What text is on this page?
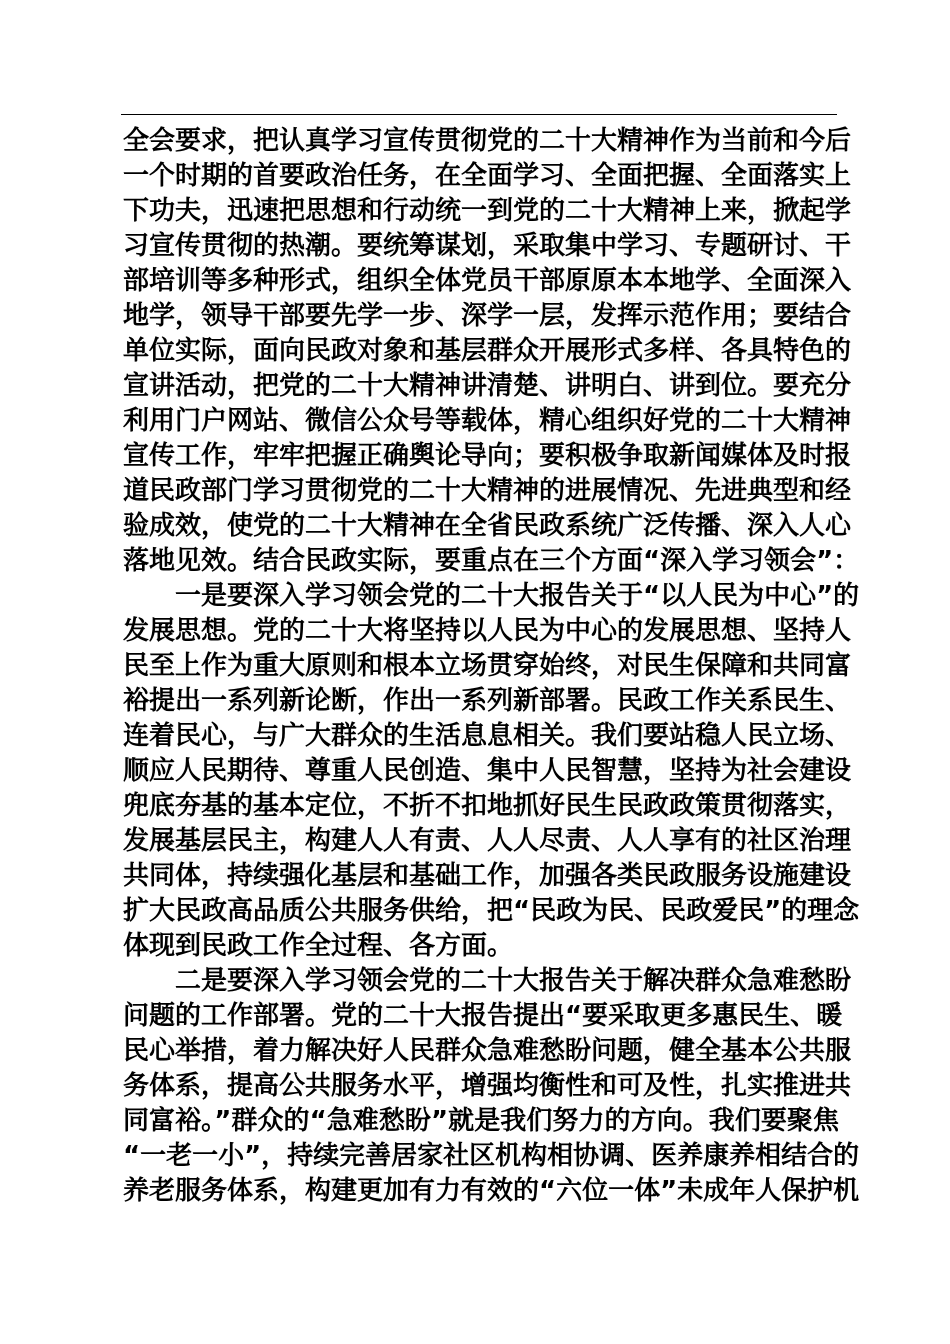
全会要求，把认真学习宣传贯彻党的二十大精神作为当前和今后
一个时期的首要政治任务，在全面学习、全面把握、全面落实上
下功夫，迅速把思想和行动统一到党的二十大精神上来，掀起学
习宣传贯彻的热潮。要统筹谋划，采取集中学习、专题研讨、干
部培训等多种形式，组织全体党员干部原原本本地学、全面深入
地学，领导干部要先学一步、深学一层，发挥示范作用；要结合
单位实际，面向民政对象和基层群众开展形式多样、各具特色的
宣讲活动，把党的二十大精神讲清楚、讲明白、讲到位。要充分
利用门户网站、微信公众号等载体，精心组织好党的二十大精神
宣传工作，牢牢把握正确舆论导向；要积极争取新闻媒体及时报
道民政部门学习贯彻党的二十大精神的进展情况、先进典型和经
验成效，使党的二十大精神在全省民政系统广泛传播、深入人心
落地见效。结合民政实际，要重点在三个方面“深入学习领会”：
一是要深入学习领会党的二十大报告关于“以人民为中心”的
发展思想。党的二十大将坚持以人民为中心的发展思想、坚持人
民至上作为重大原则和根本立场贯穿始终，对民生保障和共同富
裕提出一系列新论断，作出一系列新部署。民政工作关系民生、
连着民心，与广大群众的生活息息相关。我们要站稳人民立场、
顺应人民期待、尊重人民创造、集中人民智慧，坚持为社会建设
兜底夯基的基本定位，不折不扣地抓好民生民政政策贯彻落实，
发展基层民主，构建人人有责、人人尽责、人人享有的社区治理
共同体，持续强化基层和基础工作，加强各类民政服务设施建设
扩大民政高品质公共服务供给，把“民政为民、民政爱民”的理念
体现到民政工作全过程、各方面。
二是要深入学习领会党的二十大报告关于解决群众急难愁盼
问题的工作部署。党的二十大报告提出“要采取更多惠民生、暖
民心举措，着力解决好人民群众急难愁盼问题，健全基本公共服
务体系，提高公共服务水平，增强均衡性和可及性，扎实推进共
同富裕。”群众的“急难愁盼”就是我们努力的方向。我们要聚焦
“一老一小”，持续完善居家社区机构相协调、医养康养相结合的
养老服务体系，构建更加有力有效的“六位一体”未成年人保护机
